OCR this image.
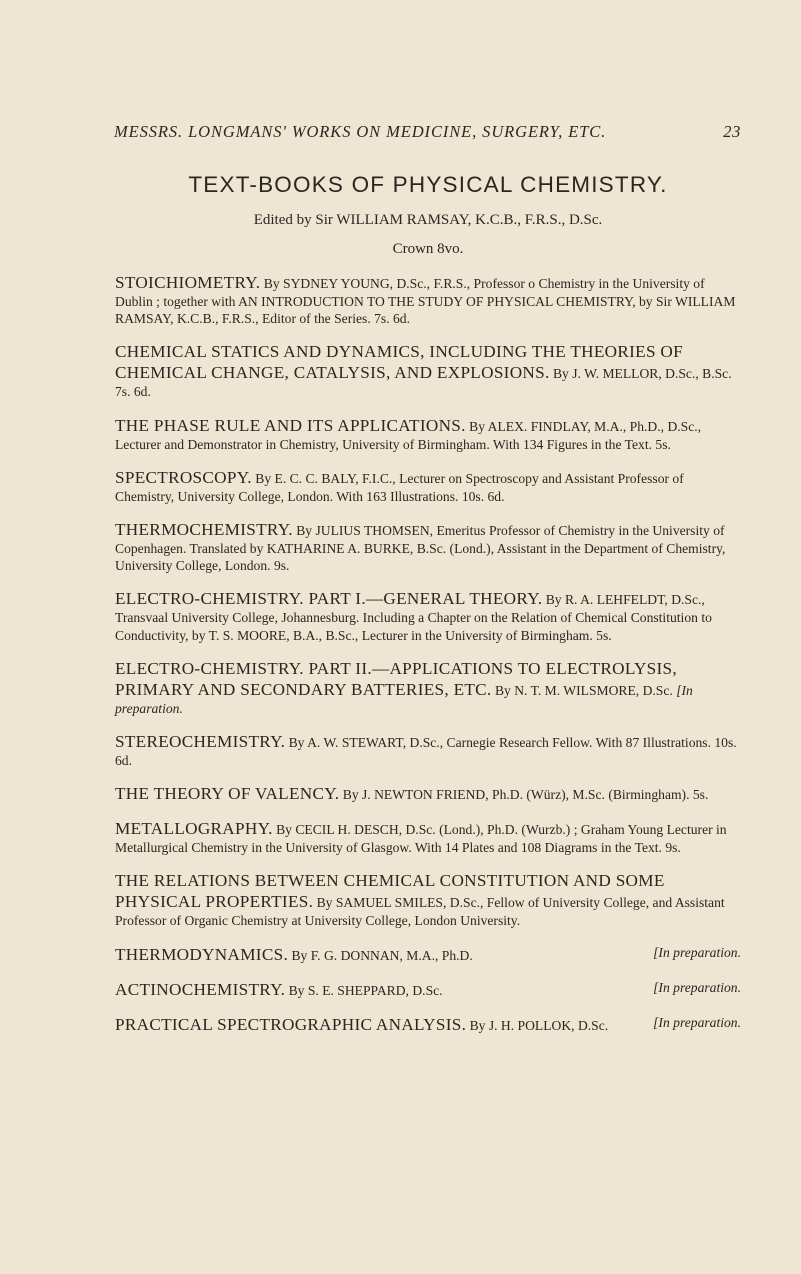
MESSRS. LONGMANS' WORKS ON MEDICINE, SURGERY, ETC.	23
TEXT-BOOKS OF PHYSICAL CHEMISTRY.
Edited by Sir WILLIAM RAMSAY, K.C.B., F.R.S., D.Sc.
Crown 8vo.
STOICHIOMETRY. By SYDNEY YOUNG, D.Sc., F.R.S., Professor o Chemistry in the University of Dublin ; together with AN INTRODUCTION TO THE STUDY OF PHYSICAL CHEMISTRY, by Sir WILLIAM RAMSAY, K.C.B., F.R.S., Editor of the Series. 7s. 6d.
CHEMICAL STATICS AND DYNAMICS, INCLUDING THE THEORIES OF CHEMICAL CHANGE, CATALYSIS, AND EXPLOSIONS. By J. W. MELLOR, D.Sc., B.Sc. 7s. 6d.
THE PHASE RULE AND ITS APPLICATIONS. By ALEX. FINDLAY, M.A., Ph.D., D.Sc., Lecturer and Demonstrator in Chemistry, University of Birmingham. With 134 Figures in the Text. 5s.
SPECTROSCOPY. By E. C. C. BALY, F.I.C., Lecturer on Spectroscopy and Assistant Professor of Chemistry, University College, London. With 163 Illustrations. 10s. 6d.
THERMOCHEMISTRY. By JULIUS THOMSEN, Emeritus Professor of Chemistry in the University of Copenhagen. Translated by KATHARINE A. BURKE, B.Sc. (Lond.), Assistant in the Department of Chemistry, University College, London. 9s.
ELECTRO-CHEMISTRY. PART I.—GENERAL THEORY. By R. A. LEHFELDT, D.Sc., Transvaal University College, Johannesburg. Including a Chapter on the Relation of Chemical Constitution to Conductivity, by T. S. MOORE, B.A., B.Sc., Lecturer in the University of Birmingham. 5s.
ELECTRO-CHEMISTRY. PART II.—APPLICATIONS TO ELECTROLYSIS, PRIMARY AND SECONDARY BATTERIES, ETC. By N. T. M. WILSMORE, D.Sc. [In preparation.
STEREOCHEMISTRY. By A. W. STEWART, D.Sc., Carnegie Research Fellow. With 87 Illustrations. 10s. 6d.
THE THEORY OF VALENCY. By J. NEWTON FRIEND, Ph.D. (Würz), M.Sc. (Birmingham). 5s.
METALLOGRAPHY. By CECIL H. DESCH, D.Sc. (Lond.), Ph.D. (Wurzb.) ; Graham Young Lecturer in Metallurgical Chemistry in the University of Glasgow. With 14 Plates and 108 Diagrams in the Text. 9s.
THE RELATIONS BETWEEN CHEMICAL CONSTITUTION AND SOME PHYSICAL PROPERTIES. By SAMUEL SMILES, D.Sc., Fellow of University College, and Assistant Professor of Organic Chemistry at University College, London University.
THERMODYNAMICS. By F. G. DONNAN, M.A., Ph.D.	[In preparation.
ACTINOCHEMISTRY. By S. E. SHEPPARD, D.Sc.	[In preparation.
PRACTICAL SPECTROGRAPHIC ANALYSIS. By J. H. POLLOK, D.Sc.	[In preparation.
